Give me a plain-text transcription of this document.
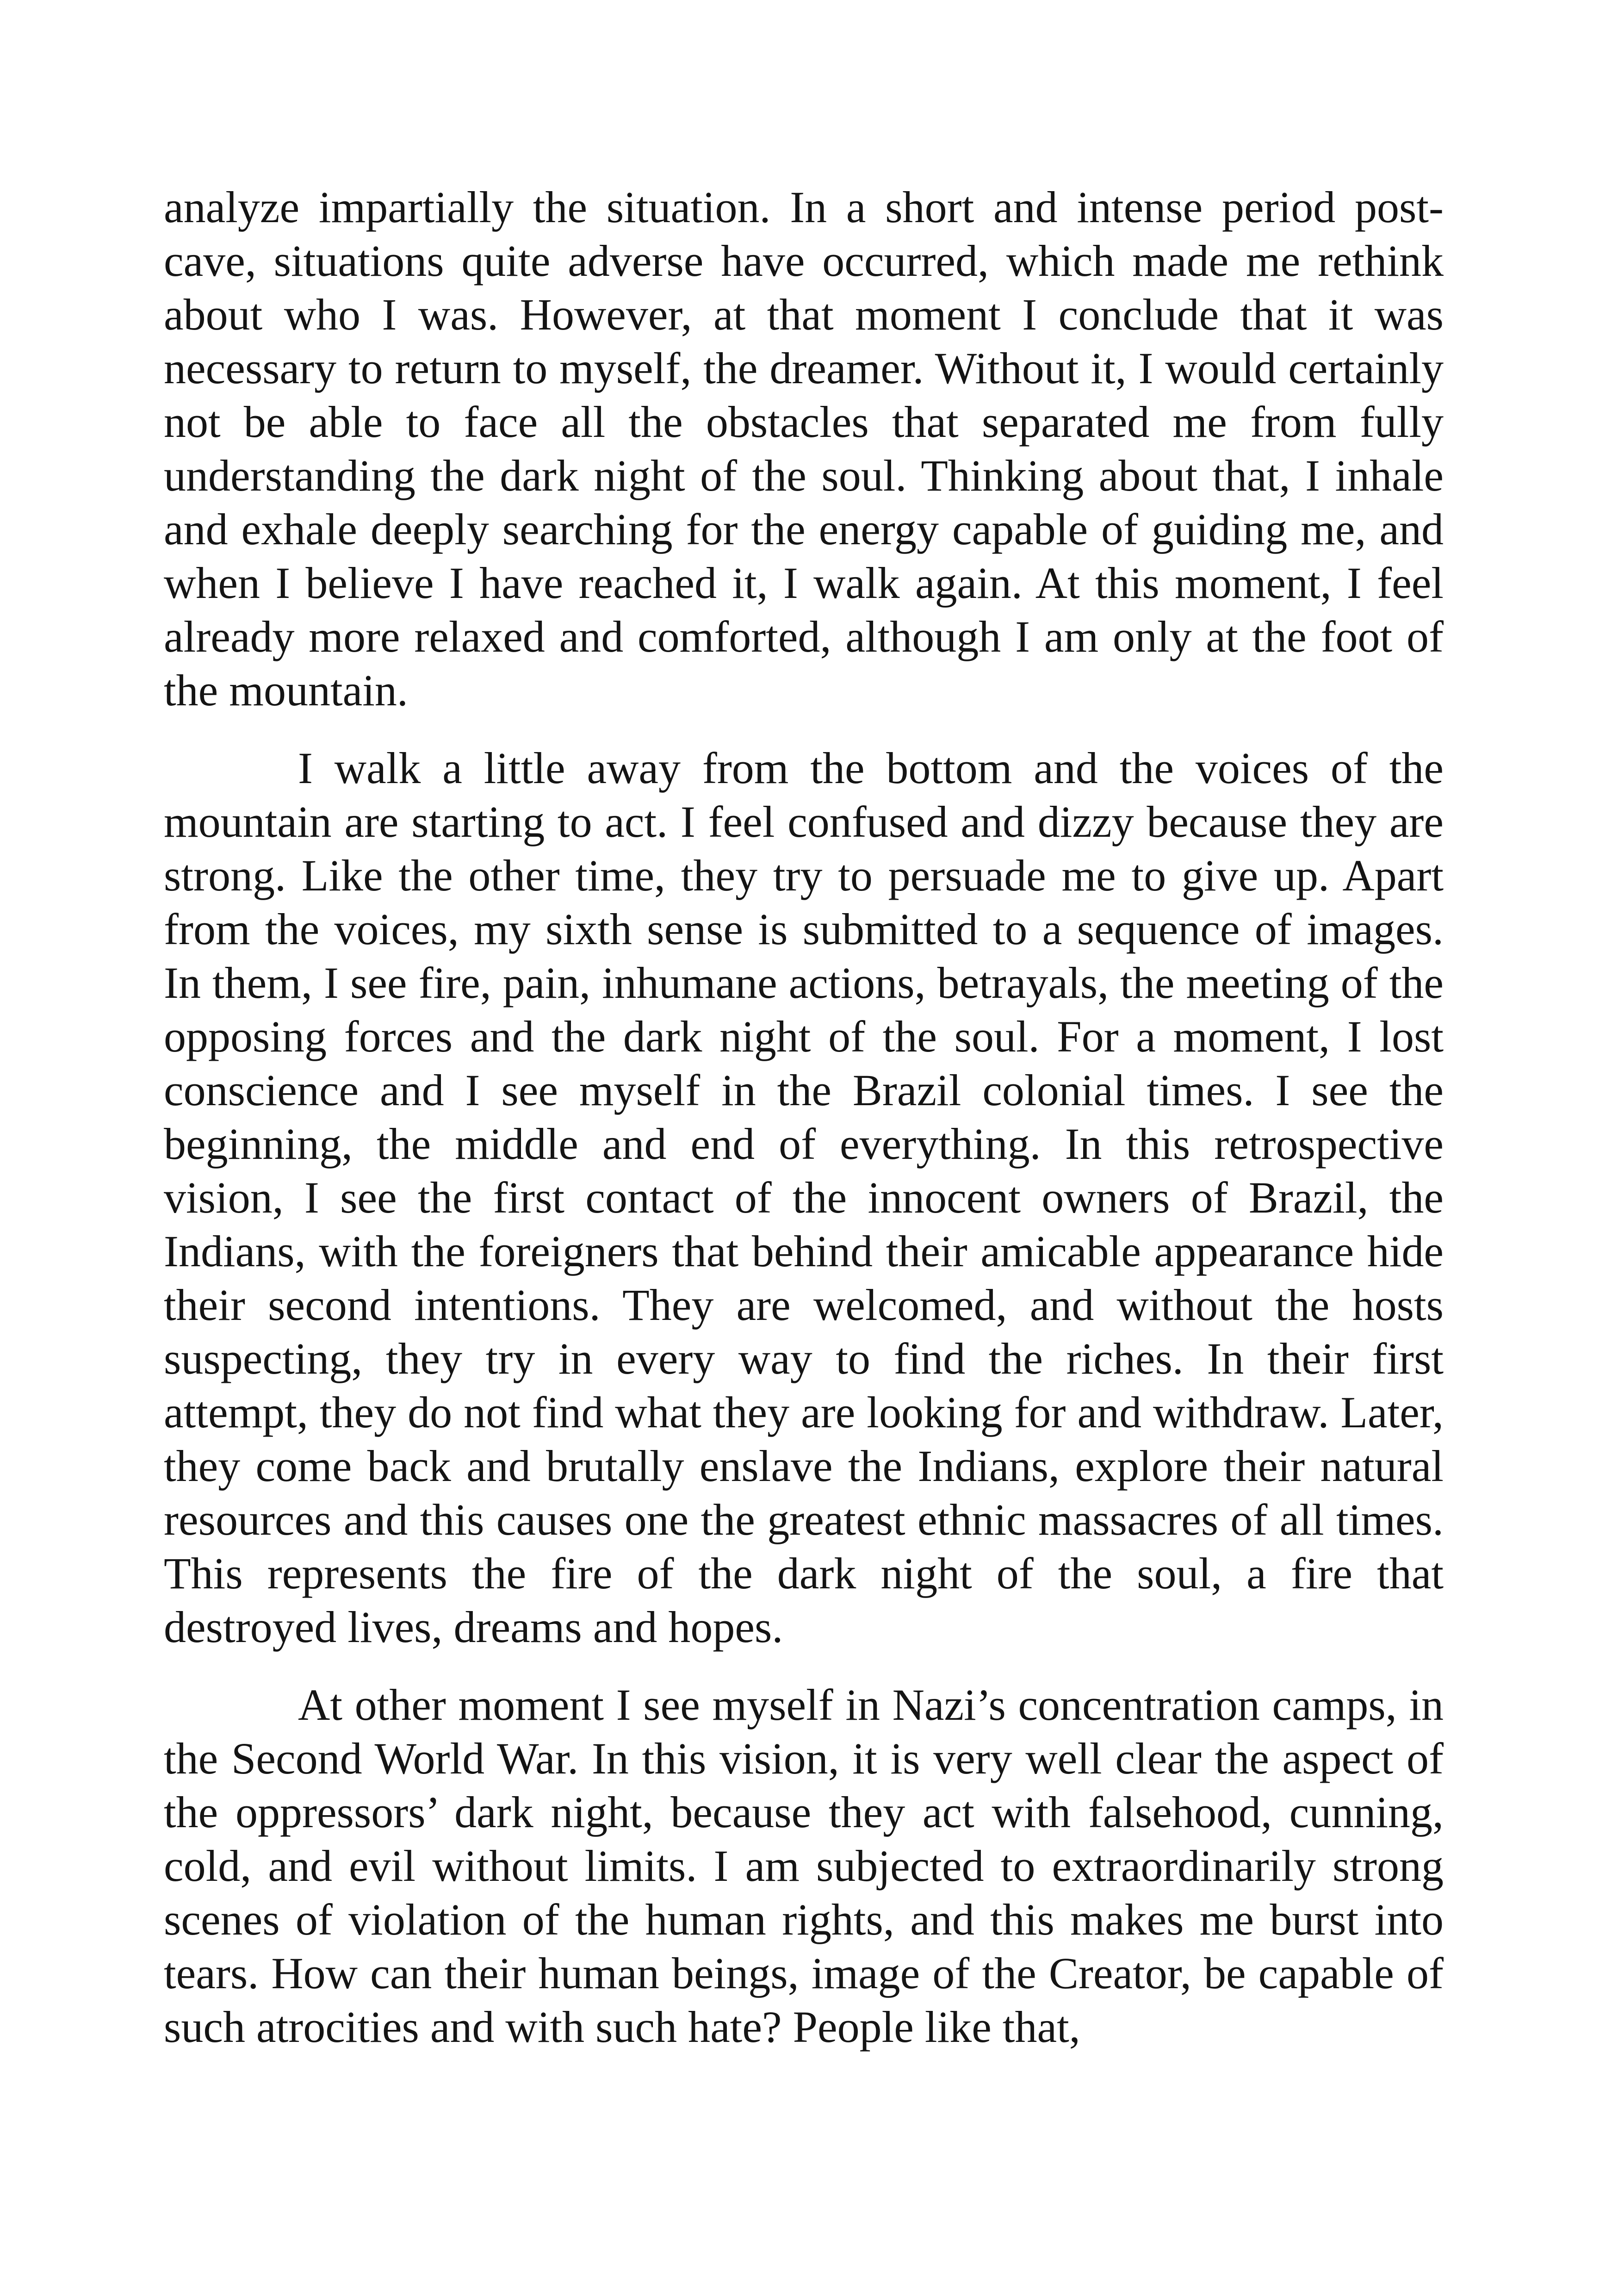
analyze impartially the situation. In a short and intense period post-cave, situations quite adverse have occurred, which made me rethink about who I was. However, at that moment I conclude that it was necessary to return to myself, the dreamer. Without it, I would certainly not be able to face all the obstacles that separated me from fully understanding the dark night of the soul. Thinking about that, I inhale and exhale deeply searching for the energy capable of guiding me, and when I believe I have reached it, I walk again. At this moment, I feel already more relaxed and comforted, although I am only at the foot of the mountain.

I walk a little away from the bottom and the voices of the mountain are starting to act. I feel confused and dizzy because they are strong. Like the other time, they try to persuade me to give up. Apart from the voices, my sixth sense is submitted to a sequence of images. In them, I see fire, pain, inhumane actions, betrayals, the meeting of the opposing forces and the dark night of the soul. For a moment, I lost conscience and I see myself in the Brazil colonial times. I see the beginning, the middle and end of everything. In this retrospective vision, I see the first contact of the innocent owners of Brazil, the Indians, with the foreigners that behind their amicable appearance hide their second intentions. They are welcomed, and without the hosts suspecting, they try in every way to find the riches. In their first attempt, they do not find what they are looking for and withdraw. Later, they come back and brutally enslave the Indians, explore their natural resources and this causes one the greatest ethnic massacres of all times. This represents the fire of the dark night of the soul, a fire that destroyed lives, dreams and hopes.

At other moment I see myself in Nazi’s concentration camps, in the Second World War. In this vision, it is very well clear the aspect of the oppressors’ dark night, because they act with falsehood, cunning, cold, and evil without limits. I am subjected to extraordinarily strong scenes of violation of the human rights, and this makes me burst into tears. How can their human beings, image of the Creator, be capable of such atrocities and with such hate? People like that,
